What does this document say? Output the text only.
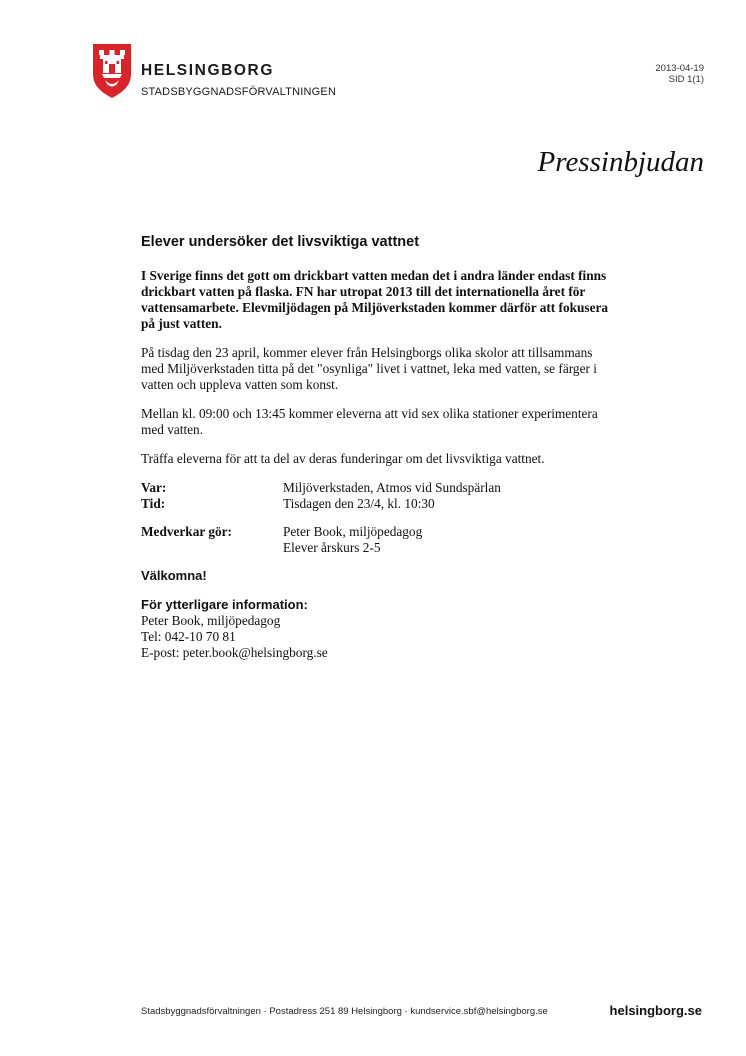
HELSINGBORG
STADSBYGGNADSFÖRVALTNINGEN
2013-04-19
SID 1(1)
Pressinbjudan
Elever undersöker det livsviktiga vattnet

I Sverige finns det gott om drickbart vatten medan det i andra länder endast finns drickbart vatten på flaska. FN har utropat 2013 till det internationella året för vattensamarbete. Elevmiljödagen på Miljöverkstaden kommer därför att fokusera på just vatten.

På tisdag den 23 april, kommer elever från Helsingborgs olika skolor att tillsammans med Miljöverkstaden titta på det "osynliga" livet i vattnet, leka med vatten, se färger i vatten och uppleva vatten som konst.

Mellan kl. 09:00 och 13:45 kommer eleverna att vid sex olika stationer experimentera med vatten.

Träffa eleverna för att ta del av deras funderingar om det livsviktiga vattnet.

Var:	Miljöverkstaden, Atmos vid Sundspärlan
Tid:	Tisdagen den 23/4, kl. 10:30
Medverkar gör:	Peter Book, miljöpedagog
Elever årskurs 2-5
Välkomna!
För ytterligare information:
Peter Book, miljöpedagog
Tel: 042-10 70 81
E-post: peter.book@helsingborg.se
Stadsbyggnadsförvaltningen · Postadress 251 89 Helsingborg · kundservice.sbf@helsingborg.se	helsingborg.se
